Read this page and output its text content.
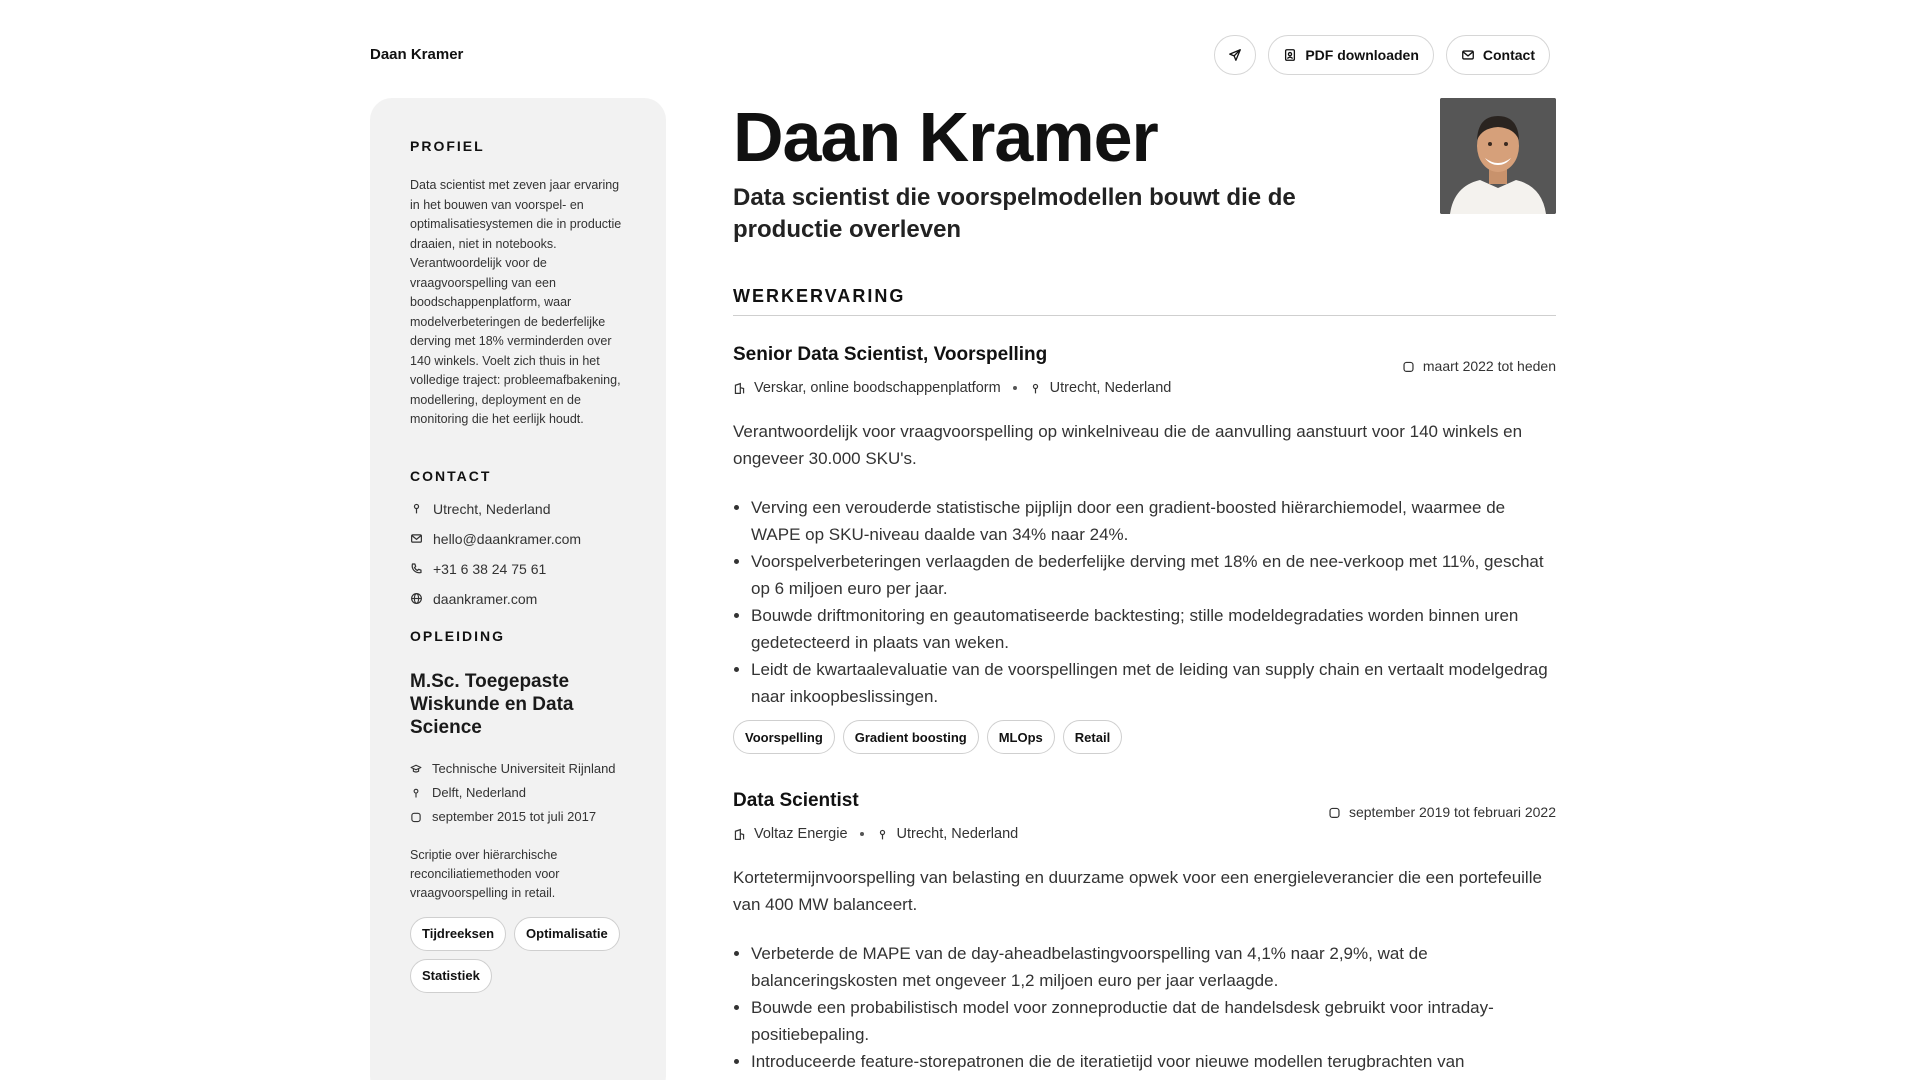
Daan Kramer	PDF downloaden	Contact
PROFIEL

Data scientist met zeven jaar ervaring in het bouwen van voorspel- en optimalisatiesystemen die in productie draaien, niet in notebooks. Verantwoordelijk voor de vraagvoorspelling van een boodschappenplatform, waar modelverbeteringen de bederfelijke derving met 18% verminderden over 140 winkels. Voelt zich thuis in het volledige traject: probleemafbakening, modellering, deployment en de monitoring die het eerlijk houdt.

CONTACT
Utrecht, Nederland
hello@daankramer.com
+31 6 38 24 75 61
daankramer.com
OPLEIDING
M.Sc. Toegepaste Wiskunde en Data Science
Technische Universiteit Rijnland
Delft, Nederland
september 2015 tot juli 2017

Scriptie over hiërarchische reconciliatiemethoden voor vraagvoorspelling in retail.

Tijdreeksen	Optimalisatie
Statistiek
Daan Kramer
Data scientist die voorspelmodellen bouwt die de productie overleven
WERKERVARING
Senior Data Scientist, Voorspelling
maart 2022 tot heden
Verskar, online boodschappenplatform	Utrecht, Nederland

Verantwoordelijk voor vraagvoorspelling op winkelniveau die de aanvulling aanstuurt voor 140 winkels en ongeveer 30.000 SKU's.

• Verving een verouderde statistische pijplijn door een gradient-boosted hiërarchiemodel, waarmee de WAPE op SKU-niveau daalde van 34% naar 24%.
• Voorspelverbeteringen verlaagden de bederfelijke derving met 18% en de nee-verkoop met 11%, geschat op 6 miljoen euro per jaar.
• Bouwde driftmonitoring en geautomatiseerde backtesting; stille modeldegradaties worden binnen uren gedetecteerd in plaats van weken.
• Leidt de kwartaalevaluatie van de voorspellingen met de leiding van supply chain en vertaalt modelgedrag naar inkoopbeslissingen.
Voorspelling	Gradient boosting	MLOps	Retail
Data Scientist
september 2019 tot februari 2022
Voltaz Energie	Utrecht, Nederland

Kortetermijnvoorspelling van belasting en duurzame opwek voor een energieleverancier die een portefeuille van 400 MW balanceert.

• Verbeterde de MAPE van de day-aheadbelastingvoorspelling van 4,1% naar 2,9%, wat de balanceringskosten met ongeveer 1,2 miljoen euro per jaar verlaagde.
• Bouwde een probabilistisch model voor zonneproductie dat de handelsdesk gebruikt voor intraday-positiebepaling.
• Introduceerde feature-storepatronen die de iteratietijd voor nieuwe modellen terugbrachten van
